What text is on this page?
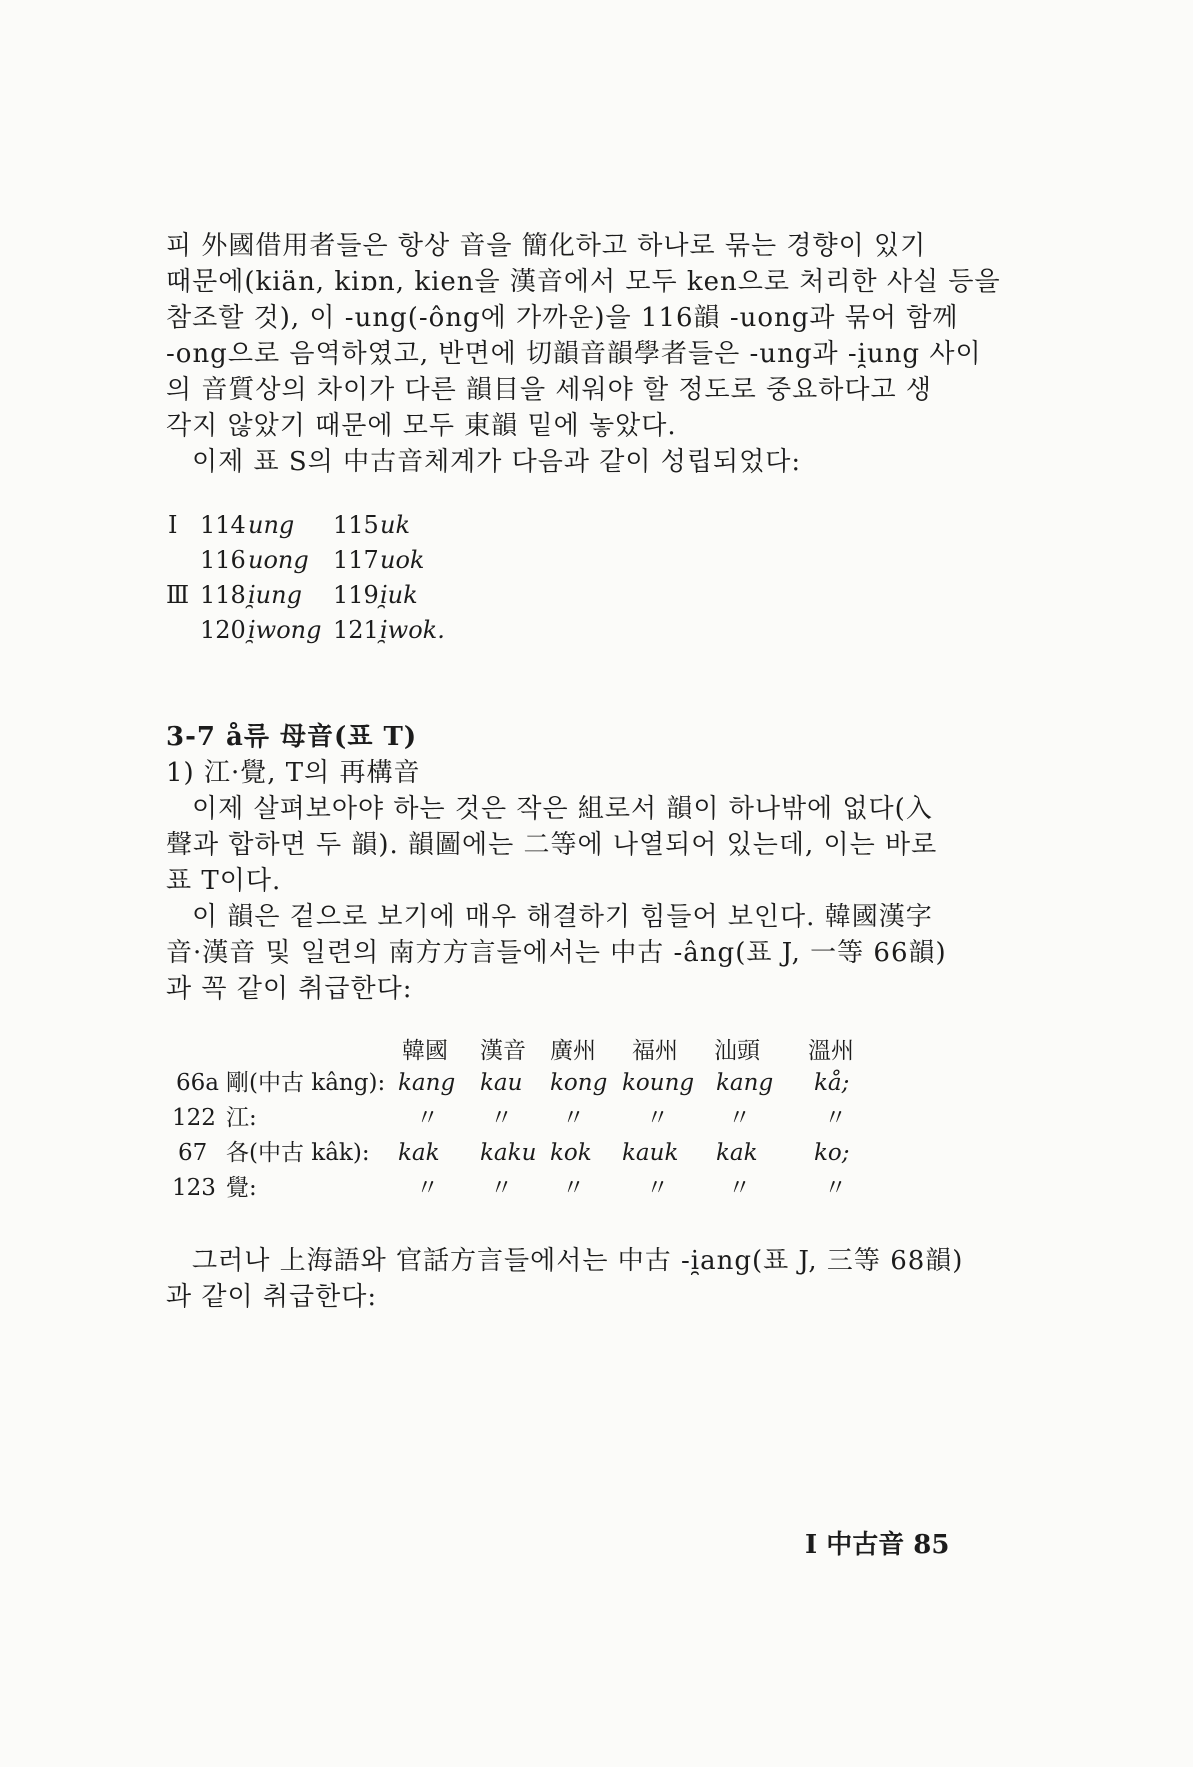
피 外國借用者들은 항상 音을 簡化하고 하나로 묶는 경향이 있기
때문에(kiän, kiɒn, kien을 漢音에서 모두 ken으로 처리한 사실 등을
참조할 것), 이 -ung(-ông에 가까운)을 116韻 -uong과 묶어 함께
-ong으로 음역하였고, 반면에 切韻音韻學者들은 -ung과 -i̯ung 사이
의 音質상의 차이가 다른 韻目을 세워야 할 정도로 중요하다고 생
각지 않았기 때문에 모두 東韻 밑에 놓았다.
이제 표 S의 中古音체계가 다음과 같이 성립되었다:
I 114 ung 115 uk
116 uong 117 uok
Ⅲ 118 i̯ung 119 i̯uk
120 i̯wong 121 i̯wok.
3-7 å류 母音(표 T)
1) 江·覺, T의 再構音
이제 살펴보아야 하는 것은 작은 組로서 韻이 하나밖에 없다(入
聲과 합하면 두 韻). 韻圖에는 二等에 나열되어 있는데, 이는 바로
표 T이다.
이 韻은 겉으로 보기에 매우 해결하기 힘들어 보인다. 韓國漢字
音·漢音 및 일련의 南方方言들에서는 中古 -âng(표 J, 一等 66韻)
과 꼭 같이 취급한다:
韓國 漢音 廣州 福州 汕頭 溫州
66a 剛(中古 kâng): kang kau kong koung kang kå;
122 江:	〃 〃 〃	〃	〃	〃
67 各(中古 kâk): kak kaku kok kauk kak ko;
123 覺:	〃 〃 〃	〃	〃	〃
그러나 上海語와 官話方言들에서는 中古 -i̯ang(표 J, 三等 68韻)
과 같이 취급한다:
I 中古音 85
